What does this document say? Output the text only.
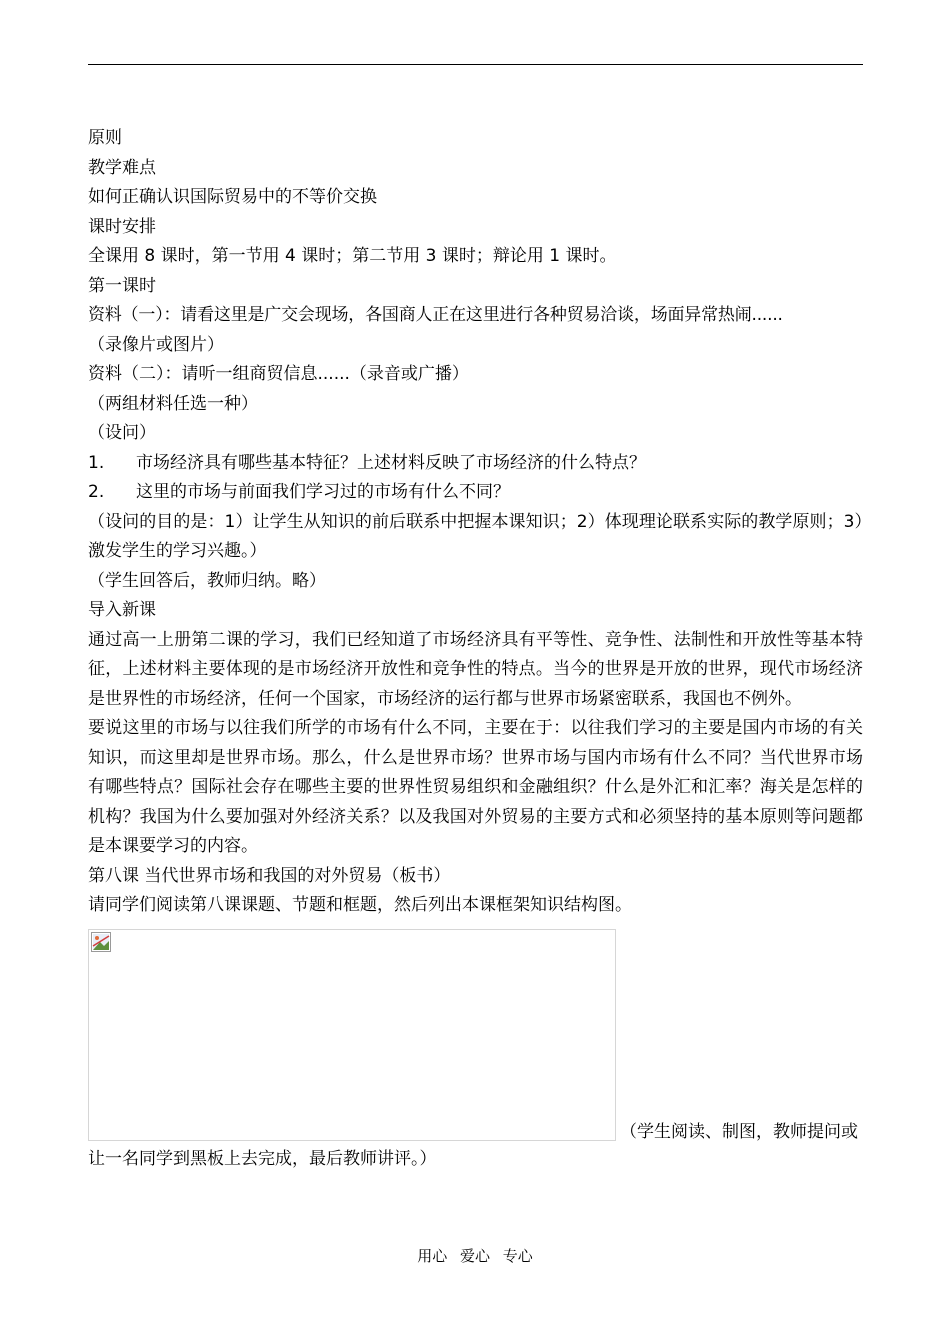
原则

教学难点

如何正确认识国际贸易中的不等价交换

课时安排

全课用 8 课时，第一节用 4 课时；第二节用 3 课时；辩论用 1 课时。

第一课时

资料（一）：请看这里是广交会现场，各国商人正在这里进行各种贸易洽谈，场面异常热闹......

（录像片或图片）

资料（二）：请听一组商贸信息......（录音或广播）

（两组材料任选一种）

（设问）

1.	市场经济具有哪些基本特征？上述材料反映了市场经济的什么特点？
2.	这里的市场与前面我们学习过的市场有什么不同？

（设问的目的是：1）让学生从知识的前后联系中把握本课知识；2）体现理论联系实际的教学原则；3）激发学生的学习兴趣。）

（学生回答后，教师归纳。略）

导入新课

通过高一上册第二课的学习，我们已经知道了市场经济具有平等性、竞争性、法制性和开放性等基本特征，上述材料主要体现的是市场经济开放性和竞争性的特点。当今的世界是开放的世界，现代市场经济是世界性的市场经济，任何一个国家，市场经济的运行都与世界市场紧密联系，我国也不例外。

要说这里的市场与以往我们所学的市场有什么不同，主要在于：以往我们学习的主要是国内市场的有关知识，而这里却是世界市场。那么，什么是世界市场？世界市场与国内市场有什么不同？当代世界市场有哪些特点？国际社会存在哪些主要的世界性贸易组织和金融组织？什么是外汇和汇率？海关是怎样的机构？我国为什么要加强对外经济关系？以及我国对外贸易的主要方式和必须坚持的基本原则等问题都是本课要学习的内容。

第八课 当代世界市场和我国的对外贸易（板书）

请同学们阅读第八课课题、节题和框题，然后列出本课框架知识结构图。

（学生阅读、制图，教师提问或

让一名同学到黑板上去完成，最后教师讲评。）

用心 爱心 专心
